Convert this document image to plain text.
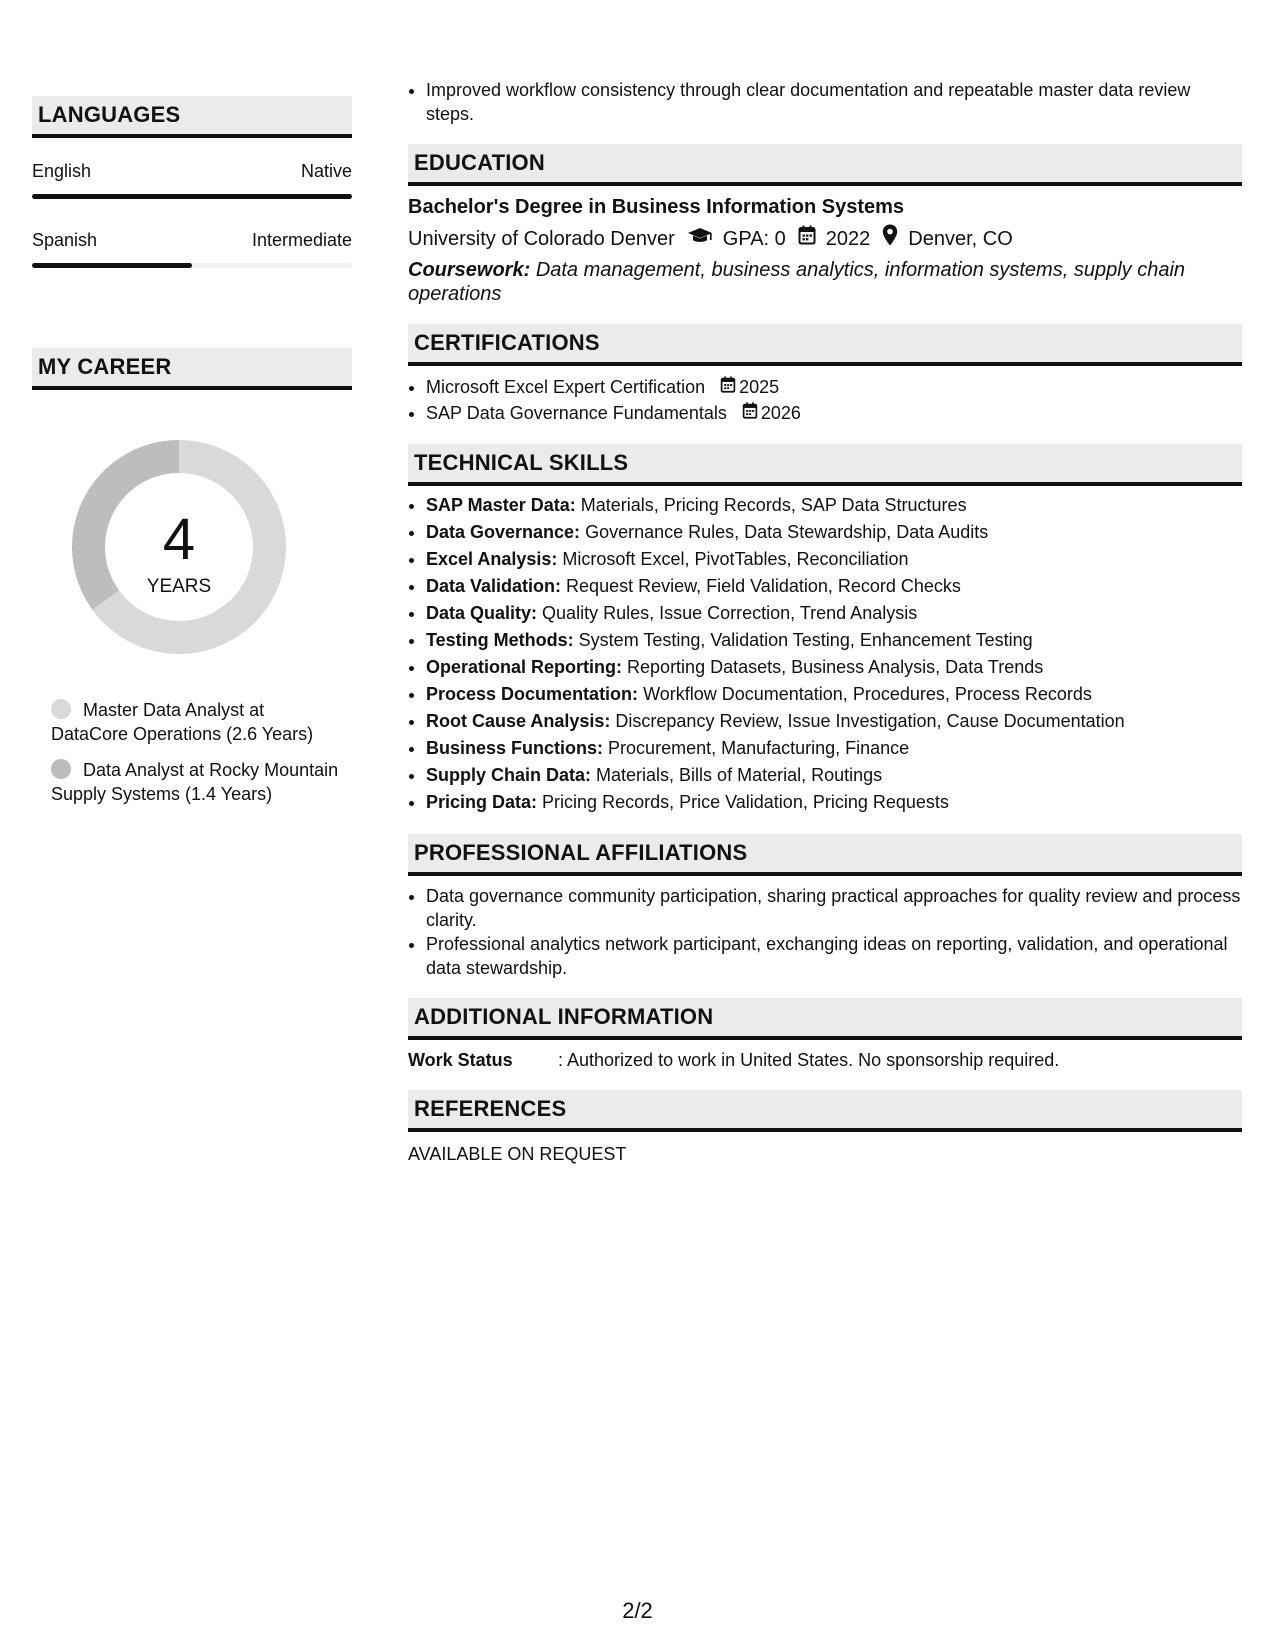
LANGUAGES
English	Native
Spanish	Intermediate
MY CAREER
4
YEARS
Master Data Analyst at DataCore Operations (2.6 Years)
Data Analyst at Rocky Mountain Supply Systems (1.4 Years)
• Improved workflow consistency through clear documentation and repeatable master data review steps.
EDUCATION
Bachelor's Degree in Business Information Systems
University of Colorado Denver GPA: 0 2022 Denver, CO
Coursework: Data management, business analytics, information systems, supply chain operations
CERTIFICATIONS
• Microsoft Excel Expert Certification 2025
• SAP Data Governance Fundamentals 2026
TECHNICAL SKILLS
• SAP Master Data: Materials, Pricing Records, SAP Data Structures
• Data Governance: Governance Rules, Data Stewardship, Data Audits
• Excel Analysis: Microsoft Excel, PivotTables, Reconciliation
• Data Validation: Request Review, Field Validation, Record Checks
• Data Quality: Quality Rules, Issue Correction, Trend Analysis
• Testing Methods: System Testing, Validation Testing, Enhancement Testing
• Operational Reporting: Reporting Datasets, Business Analysis, Data Trends
• Process Documentation: Workflow Documentation, Procedures, Process Records
• Root Cause Analysis: Discrepancy Review, Issue Investigation, Cause Documentation
• Business Functions: Procurement, Manufacturing, Finance
• Supply Chain Data: Materials, Bills of Material, Routings
• Pricing Data: Pricing Records, Price Validation, Pricing Requests
PROFESSIONAL AFFILIATIONS
• Data governance community participation, sharing practical approaches for quality review and process clarity.
• Professional analytics network participant, exchanging ideas on reporting, validation, and operational data stewardship.
ADDITIONAL INFORMATION
Work Status	: Authorized to work in United States. No sponsorship required.
REFERENCES
AVAILABLE ON REQUEST
2/2
